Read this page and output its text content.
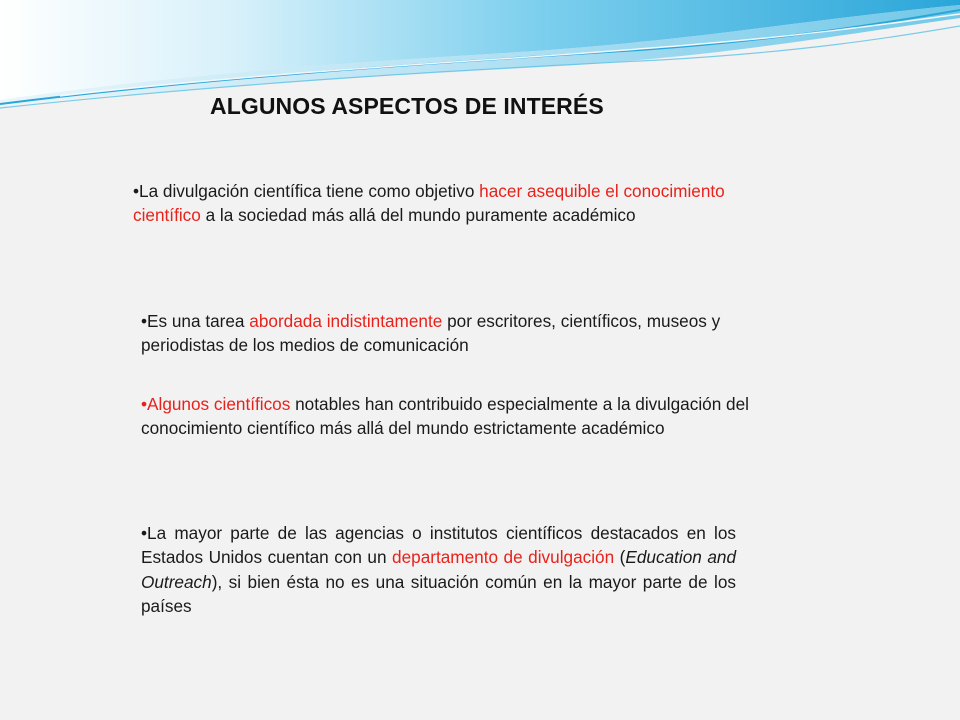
ALGUNOS ASPECTOS DE INTERÉS

•La divulgación científica tiene como objetivo hacer asequible el conocimiento científico a la sociedad más allá del mundo puramente académico

•Es una tarea abordada indistintamente por escritores, científicos, museos y periodistas de los medios de comunicación

•Algunos científicos notables han contribuido especialmente a la divulgación del conocimiento científico más allá del mundo estrictamente académico

•La mayor parte de las agencias o institutos científicos destacados en los Estados Unidos cuentan con un departamento de divulgación (Education and Outreach), si bien ésta no es una situación común en la mayor parte de los países
